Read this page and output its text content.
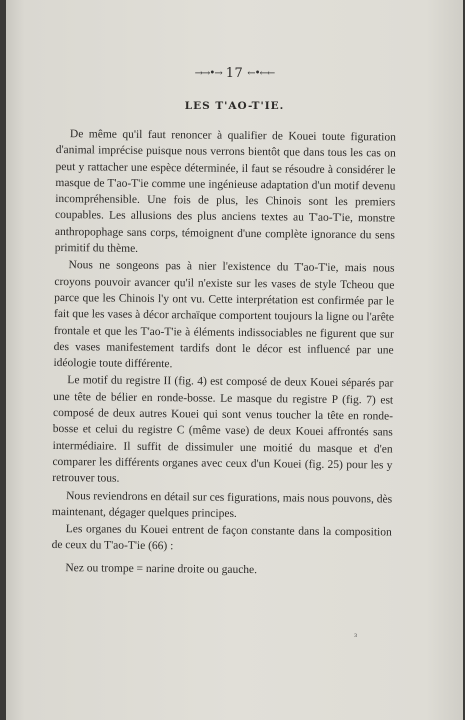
→→•→ 17 ←•←←
LES T'AO-T'IE.

De même qu'il faut renoncer à qualifier de Kouei toute figuration d'animal imprécise puisque nous verrons bientôt que dans tous les cas on peut y rattacher une espèce déterminée, il faut se résoudre à considérer le masque de T'ao-T'ie comme une ingénieuse adaptation d'un motif devenu incompréhensible. Une fois de plus, les Chinois sont les premiers coupables. Les allusions des plus anciens textes au T'ao-T'ie, monstre anthropophage sans corps, témoignent d'une complète ignorance du sens primitif du thème.

Nous ne songeons pas à nier l'existence du T'ao-T'ie, mais nous croyons pouvoir avancer qu'il n'existe sur les vases de style Tcheou que parce que les Chinois l'y ont vu. Cette interprétation est confirmée par le fait que les vases à décor archaïque comportent toujours la ligne ou l'arête frontale et que les T'ao-T'ie à éléments indissociables ne figurent que sur des vases manifestement tardifs dont le décor est influencé par une idéologie toute différente.

Le motif du registre II (fig. 4) est composé de deux Kouei séparés par une tête de bélier en ronde-bosse. Le masque du registre P (fig. 7) est composé de deux autres Kouei qui sont venus toucher la tête en ronde-bosse et celui du registre C (même vase) de deux Kouei affrontés sans intermédiaire. Il suffit de dissimuler une moitié du masque et d'en comparer les différents organes avec ceux d'un Kouei (fig. 25) pour les y retrouver tous.

Nous reviendrons en détail sur ces figurations, mais nous pouvons, dès maintenant, dégager quelques principes.

Les organes du Kouei entrent de façon constante dans la composition de ceux du T'ao-T'ie (66) :

Nez ou trompe = narine droite ou gauche.

₃
